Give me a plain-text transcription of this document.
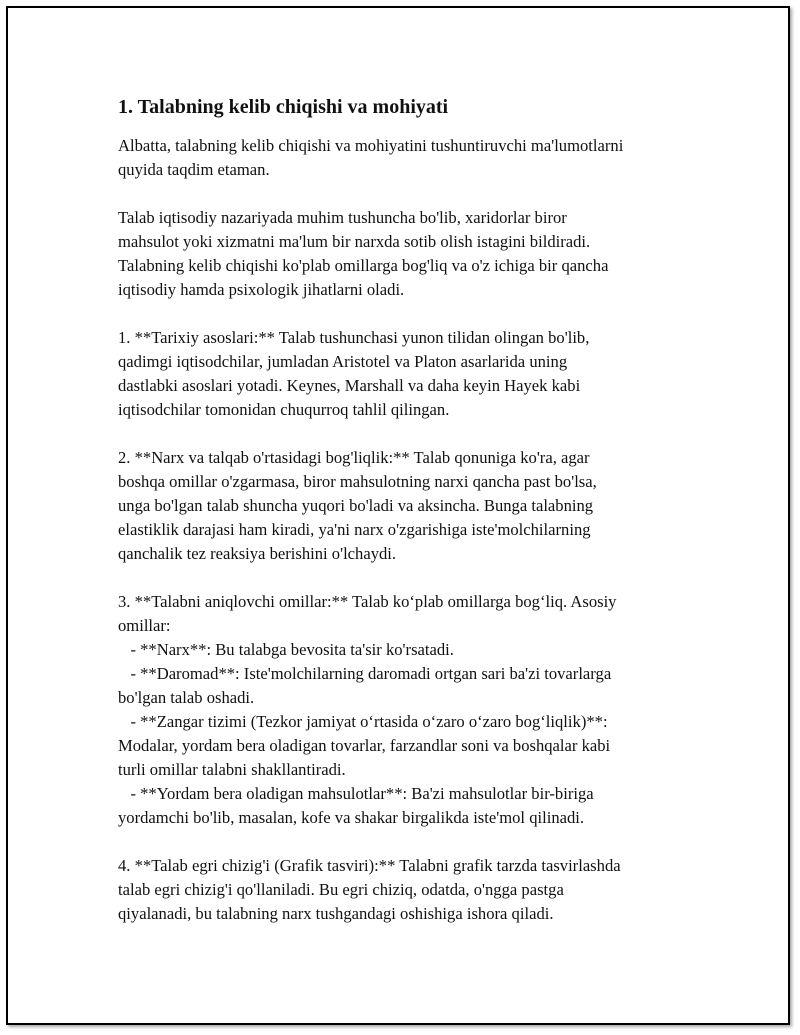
1. Talabning kelib chiqishi va mohiyati
Albatta, talabning kelib chiqishi va mohiyatini tushuntiruvchi ma'lumotlarni
quyida taqdim etaman.
Talab iqtisodiy nazariyada muhim tushuncha bo'lib, xaridorlar biror
mahsulot yoki xizmatni ma'lum bir narxda sotib olish istagini bildiradi.
Talabning kelib chiqishi ko'plab omillarga bog'liq va o'z ichiga bir qancha
iqtisodiy hamda psixologik jihatlarni oladi.
1. **Tarixiy asoslari:** Talab tushunchasi yunon tilidan olingan bo'lib,
qadimgi iqtisodchilar, jumladan Aristotel va Platon asarlarida uning
dastlabki asoslari yotadi. Keynes, Marshall va daha keyin Hayek kabi
iqtisodchilar tomonidan chuqurroq tahlil qilingan.
2. **Narx va talqab o'rtasidagi bog'liqlik:** Talab qonuniga ko'ra, agar
boshqa omillar o'zgarmasa, biror mahsulotning narxi qancha past bo'lsa,
unga bo'lgan talab shuncha yuqori bo'ladi va aksincha. Bunga talabning
elastiklik darajasi ham kiradi, ya'ni narx o'zgarishiga iste'molchilarning
qanchalik tez reaksiya berishini o'lchaydi.
3. **Talabni aniqlovchi omillar:** Talab koʻplab omillarga bogʻliq. Asosiy
omillar:
- **Narx**: Bu talabga bevosita ta'sir ko'rsatadi.
- **Daromad**: Iste'molchilarning daromadi ortgan sari ba'zi tovarlarga
bo'lgan talab oshadi.
- **Zangar tizimi (Tezkor jamiyat oʻrtasida oʻzaro oʻzaro bogʻliqlik)**:
Modalar, yordam bera oladigan tovarlar, farzandlar soni va boshqalar kabi
turli omillar talabni shakllantiradi.
- **Yordam bera oladigan mahsulotlar**: Ba'zi mahsulotlar bir-biriga
yordamchi bo'lib, masalan, kofe va shakar birgalikda iste'mol qilinadi.
4. **Talab egri chizig'i (Grafik tasviri):** Talabni grafik tarzda tasvirlashda
talab egri chizig'i qo'llaniladi. Bu egri chiziq, odatda, o'ngga pastga
qiyalanadi, bu talabning narx tushgandagi oshishiga ishora qiladi.
